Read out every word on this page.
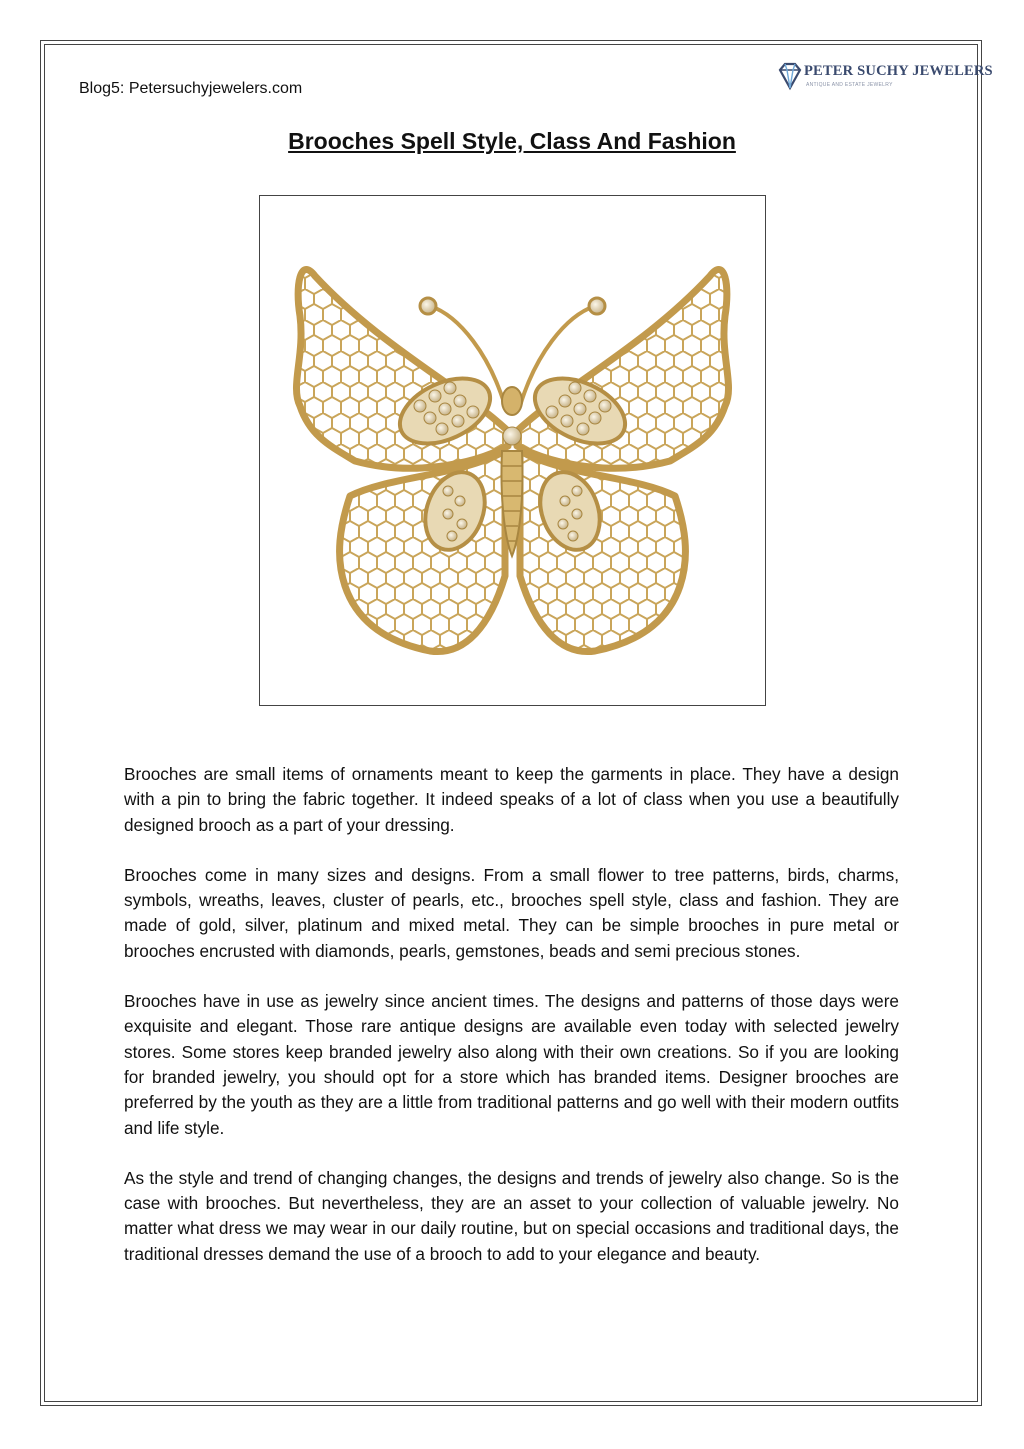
Blog5: Petersuchyjewelers.com
PETER SUCHY JEWELERS
ANTIQUE AND ESTATE JEWELRY
Brooches Spell Style, Class And Fashion

Brooches are small items of ornaments meant to keep the garments in place. They have a design with a pin to bring the fabric together. It indeed speaks of a lot of class when you use a beautifully designed brooch as a part of your dressing.

Brooches come in many sizes and designs. From a small flower to tree patterns, birds, charms, symbols, wreaths, leaves, cluster of pearls, etc., brooches spell style, class and fashion. They are made of gold, silver, platinum and mixed metal. They can be simple brooches in pure metal or brooches encrusted with diamonds, pearls, gemstones, beads and semi precious stones.

Brooches have in use as jewelry since ancient times. The designs and patterns of those days were exquisite and elegant. Those rare antique designs are available even today with selected jewelry stores. Some stores keep branded jewelry also along with their own creations. So if you are looking for branded jewelry, you should opt for a store which has branded items. Designer brooches are preferred by the youth as they are a little from traditional patterns and go well with their modern outfits and life style.

As the style and trend of changing changes, the designs and trends of jewelry also change. So is the case with brooches. But nevertheless, they are an asset to your collection of valuable jewelry. No matter what dress we may wear in our daily routine, but on special occasions and traditional days, the traditional dresses demand the use of a brooch to add to your elegance and beauty.
